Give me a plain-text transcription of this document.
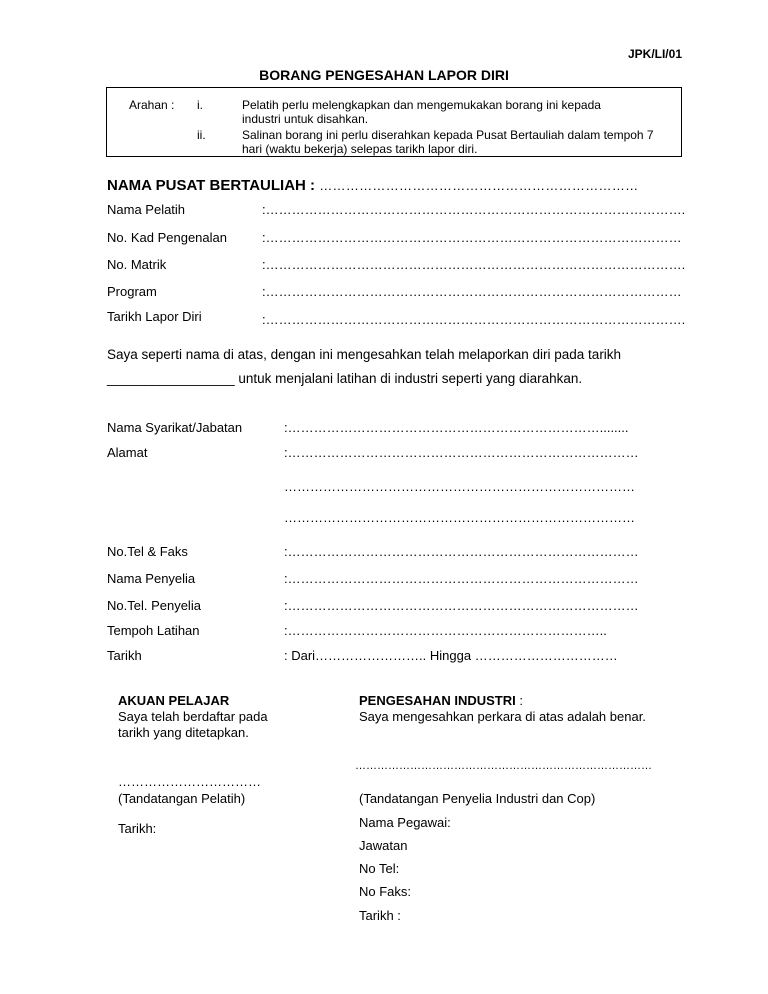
JPK/LI/01
BORANG PENGESAHAN LAPOR DIRI
Arahan : i.	Pelatih perlu melengkapkan dan mengemukakan borang ini kepada
industri untuk disahkan.
ii.	Salinan borang ini perlu diserahkan kepada Pusat Bertauliah dalam tempoh 7
hari (waktu bekerja) selepas tarikh lapor diri.
NAMA PUSAT BERTAULIAH : ………………………………………………………………
Nama Pelatih	:…………………………………………………………………………………….
No. Kad Pengenalan	:……………………………………………………………………………………
No. Matrik	:…………………………………………………………………………………….
Program	:……………………………………………………………………………………
Tarikh Lapor Diri	:…………………………………………………………………………………….
Saya seperti nama di atas, dengan ini mengesahkan telah melaporkan diri pada tarikh
_________________ untuk menjalani latihan di industri seperti yang diarahkan.
Nama Syarikat/Jabatan	:………………………………………………………………........
Alamat	:………………………………………………………………………
………………………………………………………………………
………………………………………………………………………
No.Tel & Faks	:………………………………………………………………………
Nama Penyelia	:………………………………………………………………………
No.Tel. Penyelia	:………………………………………………………………………
Tempoh Latihan	:………………………………………………………………..
Tarikh	: Dari…………………….. Hingga ……………………………
AKUAN PELAJAR
Saya telah berdaftar pada
tarikh yang ditetapkan.
……………………………
(Tandatangan Pelatih)
Tarikh:
PENGESAHAN INDUSTRI :
Saya mengesahkan perkara di atas adalah benar.
………………………………………………………………………
(Tandatangan Penyelia Industri dan Cop)
Nama Pegawai:
Jawatan
No Tel:
No Faks:
Tarikh :
